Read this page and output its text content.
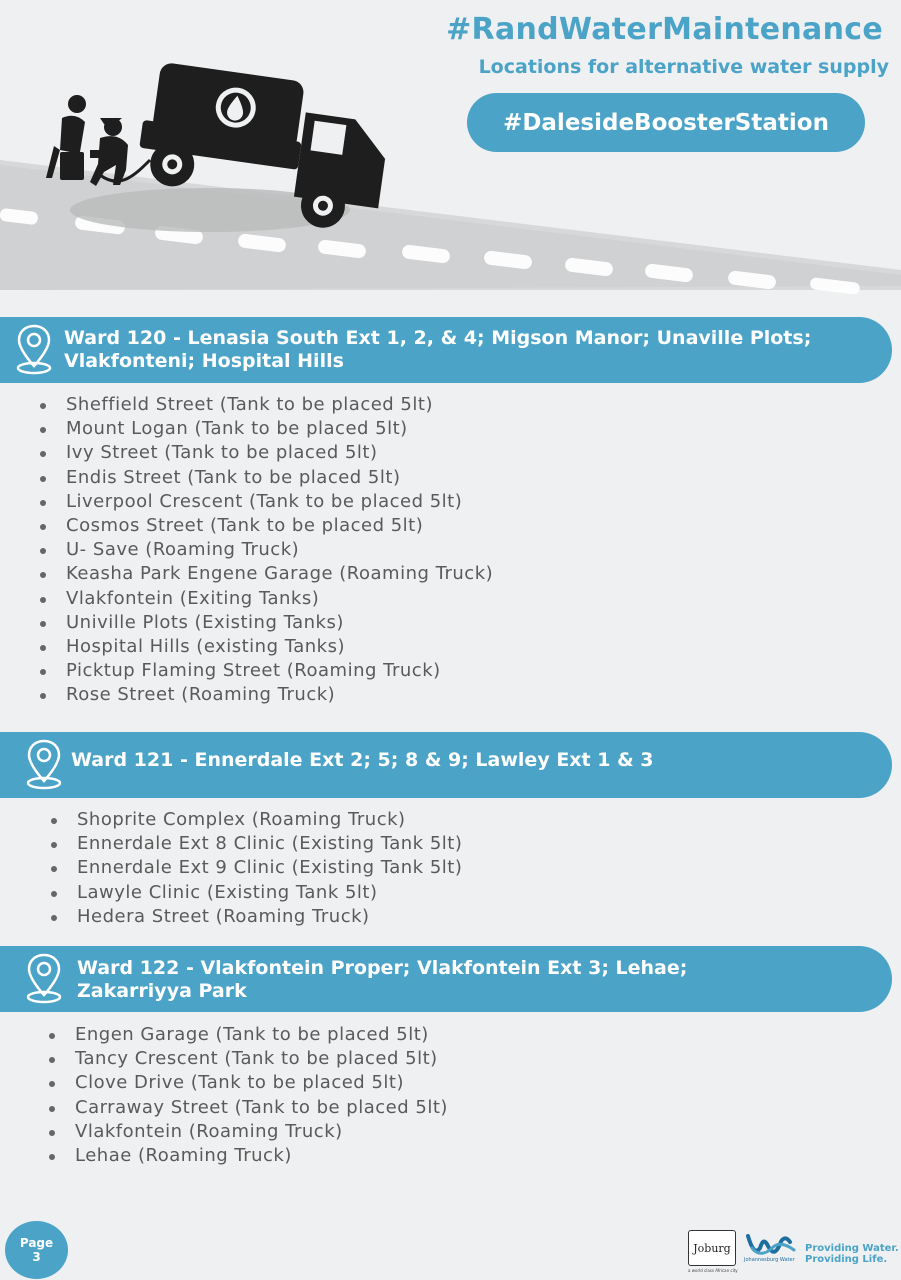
#RandWaterMaintenance
Locations for alternative water supply
#DalesideBoosterStation
Ward 120 - Lenasia South Ext 1, 2, & 4; Migson Manor; Unaville Plots;
Vlakfonteni; Hospital Hills
Sheffield Street (Tank to be placed 5lt)
Mount Logan (Tank to be placed 5lt)
Ivy Street (Tank to be placed 5lt)
Endis Street (Tank to be placed 5lt)
Liverpool Crescent (Tank to be placed 5lt)
Cosmos Street (Tank to be placed 5lt)
U- Save (Roaming Truck)
Keasha Park Engene Garage (Roaming Truck)
Vlakfontein (Exiting Tanks)
Univille Plots (Existing Tanks)
Hospital Hills (existing Tanks)
Picktup Flaming Street (Roaming Truck)
Rose Street (Roaming Truck)
Ward 121 - Ennerdale Ext 2; 5; 8 & 9; Lawley Ext 1 & 3
Shoprite Complex (Roaming Truck)
Ennerdale Ext 8 Clinic (Existing Tank 5lt)
Ennerdale Ext 9 Clinic (Existing Tank 5lt)
Lawyle Clinic (Existing Tank 5lt)
Hedera Street (Roaming Truck)
Ward 122 - Vlakfontein Proper; Vlakfontein Ext 3; Lehae;
Zakarriyya Park
Engen Garage (Tank to be placed 5lt)
Tancy Crescent (Tank to be placed 5lt)
Clove Drive (Tank to be placed 5lt)
Carraway Street (Tank to be placed 5lt)
Vlakfontein (Roaming Truck)
Lehae (Roaming Truck)
Page
3
Joburg
a world class African city
Johannesburg Water
Providing Water.
Providing Life.
